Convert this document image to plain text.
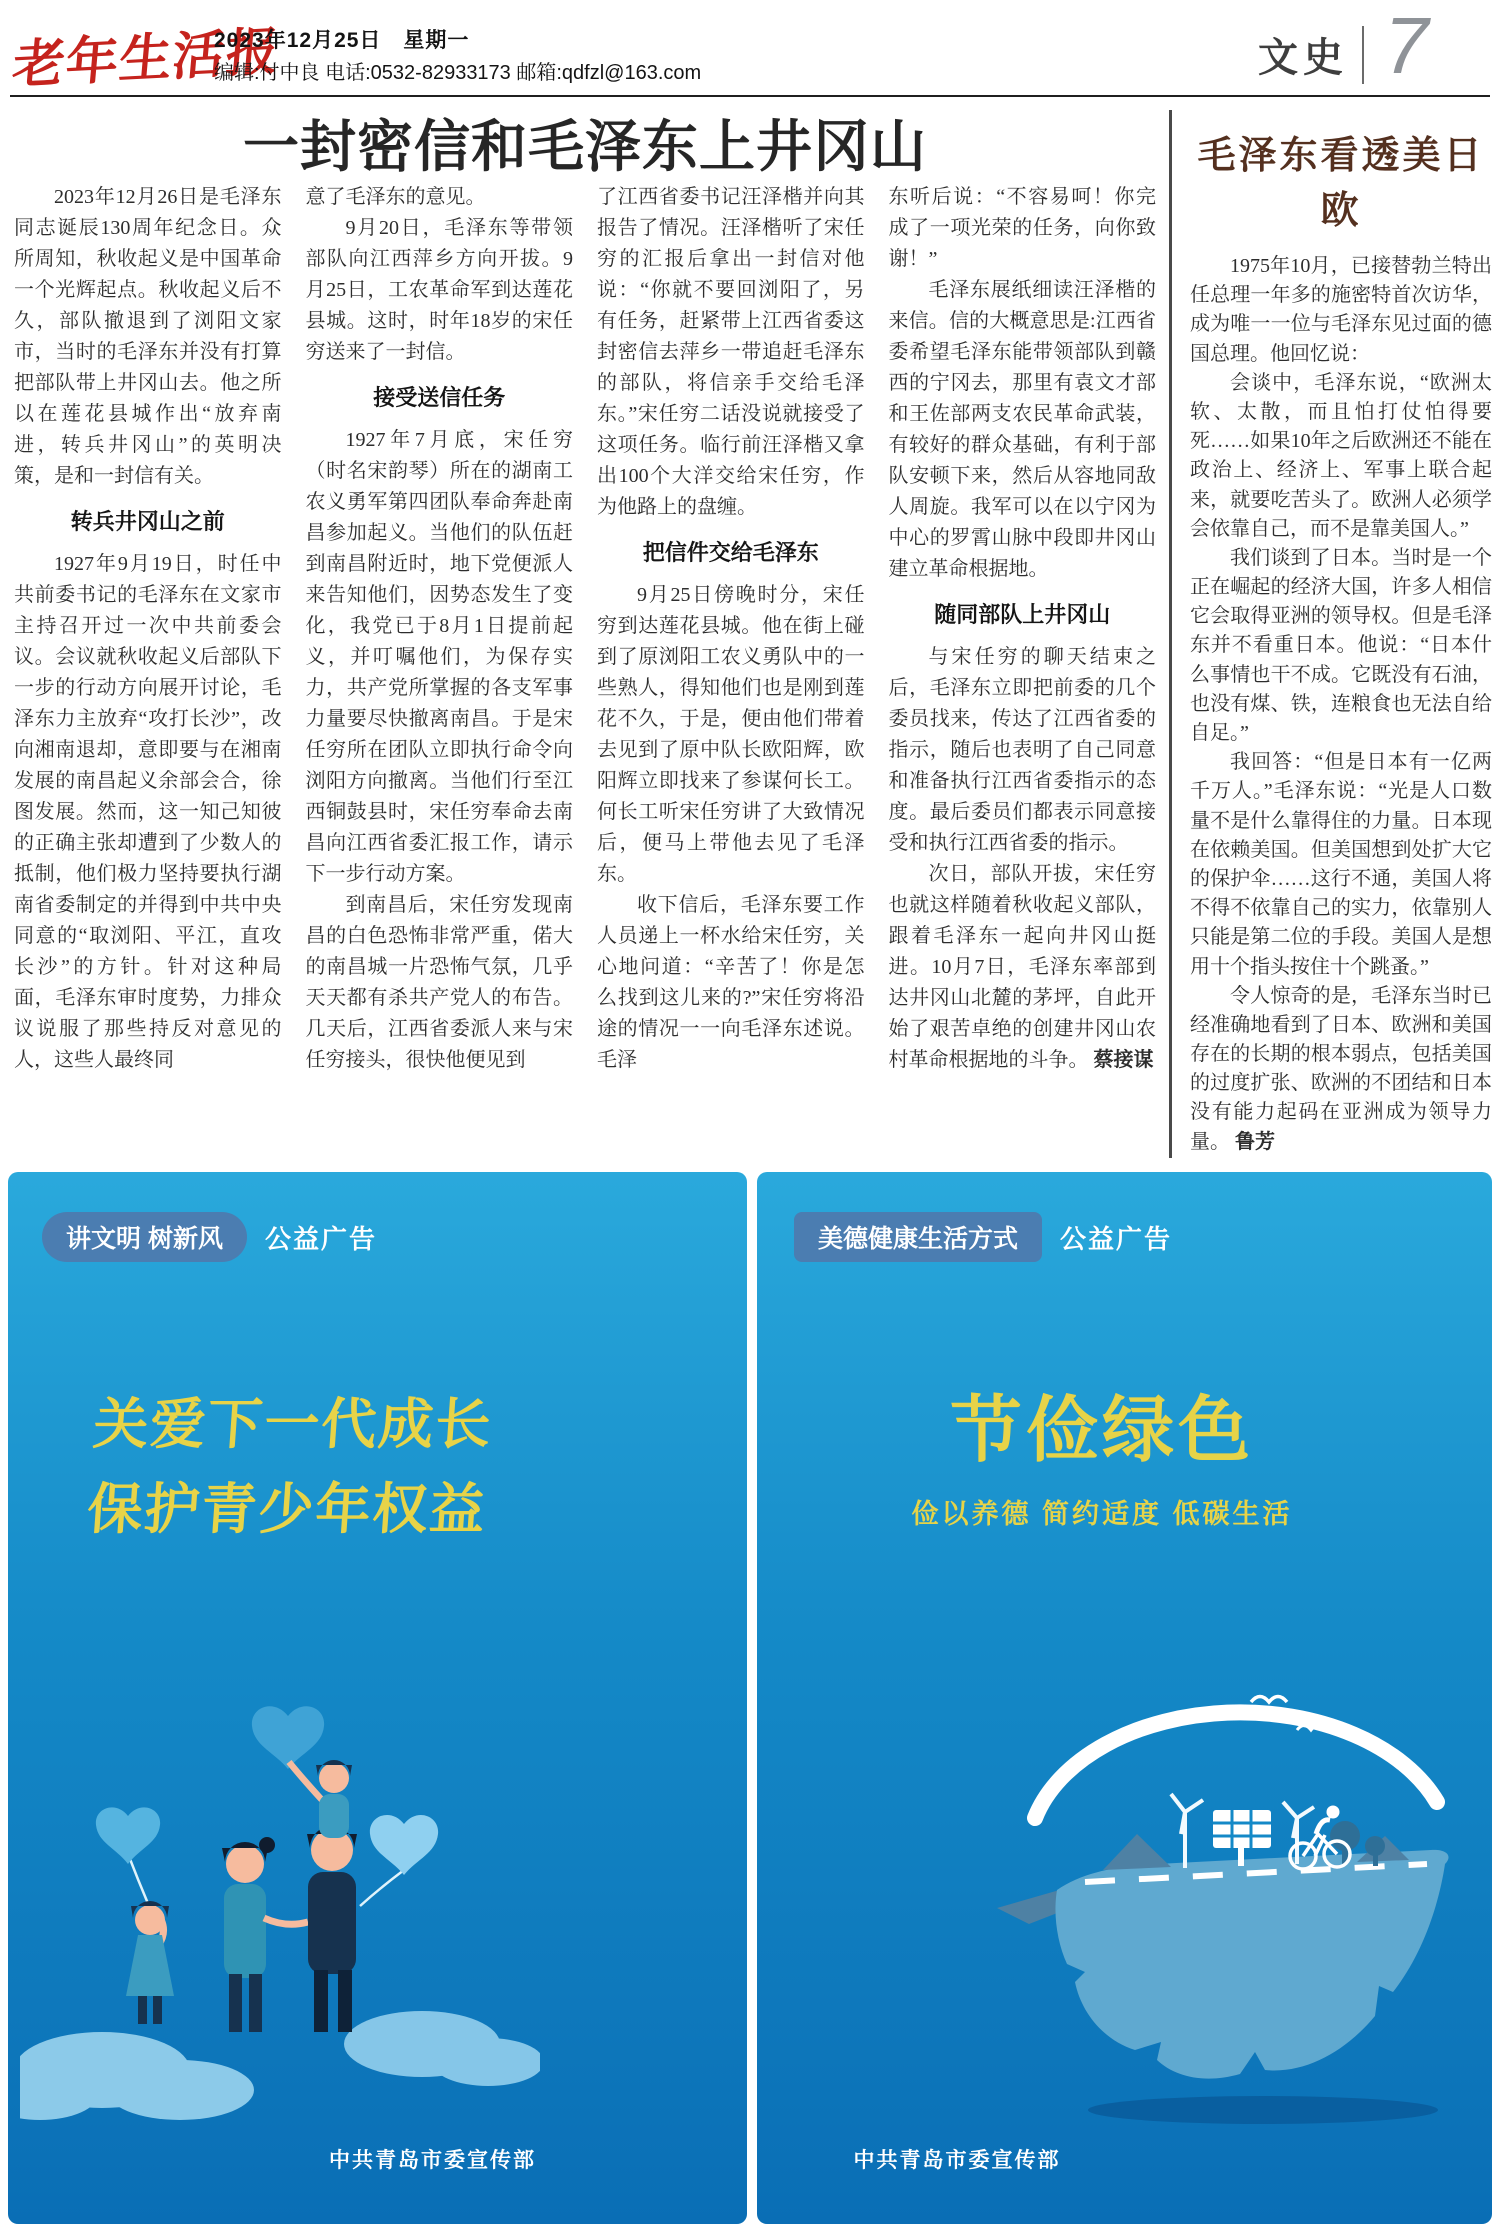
老年生活报
2023年12月25日　星期一
编辑:付中良 电话:0532-82933173 邮箱:qdfzl@163.com	文史 7
一封密信和毛泽东上井冈山

2023年12月26日是毛泽东同志诞辰130周年纪念日。众所周知，秋收起义是中国革命一个光辉起点。秋收起义后不久，部队撤退到了浏阳文家市，当时的毛泽东并没有打算把部队带上井冈山去。他之所以在莲花县城作出“放弃南进，转兵井冈山”的英明决策，是和一封信有关。

转兵井冈山之前

1927年9月19日，时任中共前委书记的毛泽东在文家市主持召开过一次中共前委会议。会议就秋收起义后部队下一步的行动方向展开讨论，毛泽东力主放弃“攻打长沙”，改向湘南退却，意即要与在湘南发展的南昌起义余部会合，徐图发展。然而，这一知己知彼的正确主张却遭到了少数人的抵制，他们极力坚持要执行湖南省委制定的并得到中共中央同意的“取浏阳、平江，直攻长沙”的方针。针对这种局面，毛泽东审时度势，力排众议说服了那些持反对意见的人，这些人最终同

意了毛泽东的意见。

9月20日，毛泽东等带领部队向江西萍乡方向开拔。9月25日，工农革命军到达莲花县城。这时，时年18岁的宋任穷送来了一封信。

接受送信任务

1927年7月底，宋任穷（时名宋韵琴）所在的湖南工农义勇军第四团队奉命奔赴南昌参加起义。当他们的队伍赶到南昌附近时，地下党便派人来告知他们，因势态发生了变化，我党已于8月1日提前起义，并叮嘱他们，为保存实力，共产党所掌握的各支军事力量要尽快撤离南昌。于是宋任穷所在团队立即执行命令向浏阳方向撤离。当他们行至江西铜鼓县时，宋任穷奉命去南昌向江西省委汇报工作，请示下一步行动方案。

到南昌后，宋任穷发现南昌的白色恐怖非常严重，偌大的南昌城一片恐怖气氛，几乎天天都有杀共产党人的布告。几天后，江西省委派人来与宋任穷接头，很快他便见到

了江西省委书记汪泽楷并向其报告了情况。汪泽楷听了宋任穷的汇报后拿出一封信对他说：“你就不要回浏阳了，另有任务，赶紧带上江西省委这封密信去萍乡一带追赶毛泽东的部队，将信亲手交给毛泽东。”宋任穷二话没说就接受了这项任务。临行前汪泽楷又拿出100个大洋交给宋任穷，作为他路上的盘缠。

把信件交给毛泽东

9月25日傍晚时分，宋任穷到达莲花县城。他在街上碰到了原浏阳工农义勇队中的一些熟人，得知他们也是刚到莲花不久，于是，便由他们带着去见到了原中队长欧阳辉，欧阳辉立即找来了参谋何长工。何长工听宋任穷讲了大致情况后，便马上带他去见了毛泽东。

收下信后，毛泽东要工作人员递上一杯水给宋任穷，关心地问道：“辛苦了！你是怎么找到这儿来的?”宋任穷将沿途的情况一一向毛泽东述说。毛泽

东听后说：“不容易呵！你完成了一项光荣的任务，向你致谢！”

毛泽东展纸细读汪泽楷的来信。信的大概意思是:江西省委希望毛泽东能带领部队到赣西的宁冈去，那里有袁文才部和王佐部两支农民革命武装，有较好的群众基础，有利于部队安顿下来，然后从容地同敌人周旋。我军可以在以宁冈为中心的罗霄山脉中段即井冈山建立革命根据地。

随同部队上井冈山

与宋任穷的聊天结束之后，毛泽东立即把前委的几个委员找来，传达了江西省委的指示，随后也表明了自己同意和准备执行江西省委指示的态度。最后委员们都表示同意接受和执行江西省委的指示。

次日，部队开拔，宋任穷也就这样随着秋收起义部队，跟着毛泽东一起向井冈山挺进。10月7日，毛泽东率部到达井冈山北麓的茅坪，自此开始了艰苦卓绝的创建井冈山农村革命根据地的斗争。 蔡接谋

毛泽东看透美日欧

1975年10月，已接替勃兰特出任总理一年多的施密特首次访华，成为唯一一位与毛泽东见过面的德国总理。他回忆说：

会谈中，毛泽东说，“欧洲太软、太散，而且怕打仗怕得要死……如果10年之后欧洲还不能在政治上、经济上、军事上联合起来，就要吃苦头了。欧洲人必须学会依靠自己，而不是靠美国人。”

我们谈到了日本。当时是一个正在崛起的经济大国，许多人相信它会取得亚洲的领导权。但是毛泽东并不看重日本。他说：“日本什么事情也干不成。它既没有石油，也没有煤、铁，连粮食也无法自给自足。”

我回答：“但是日本有一亿两千万人。”毛泽东说：“光是人口数量不是什么靠得住的力量。日本现在依赖美国。但美国想到处扩大它的保护伞……这行不通，美国人将不得不依靠自己的实力，依靠别人只能是第二位的手段。美国人是想用十个指头按住十个跳蚤。”

令人惊奇的是，毛泽东当时已经准确地看到了日本、欧洲和美国存在的长期的根本弱点，包括美国的过度扩张、欧洲的不团结和日本没有能力起码在亚洲成为领导力量。 鲁芳

讲文明 树新风	公益广告
关爱下一代成长
保护青少年权益
中共青岛市委宣传部
美德健康生活方式	公益广告
节俭绿色
俭以养德 简约适度 低碳生活
中共青岛市委宣传部
